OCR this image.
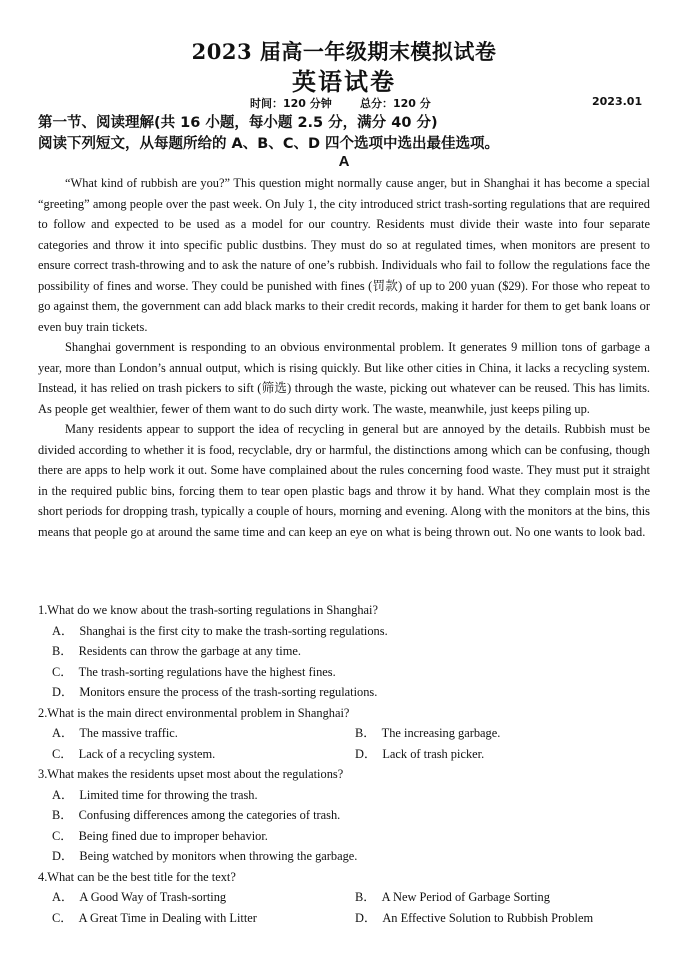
2023 届高一年级期末模拟试卷
英语试卷
时间：120 分钟	总分：120 分	2023.01
第一节、阅读理解(共 16 小题，每小题 2.5 分，满分 40 分)
阅读下列短文，从每题所给的 A、B、C、D 四个选项中选出最佳选项。
A

“What kind of rubbish are you?” This question might normally cause anger, but in Shanghai it has become a special “greeting” among people over the past week. On July 1, the city introduced strict trash-sorting regulations that are required to follow and expected to be used as a model for our country. Residents must divide their waste into four separate categories and throw it into specific public dustbins. They must do so at regulated times, when monitors are present to ensure correct trash-throwing and to ask the nature of one’s rubbish. Individuals who fail to follow the regulations face the possibility of fines and worse. They could be punished with fines (罚款) of up to 200 yuan ($29). For those who repeat to go against them, the government can add black marks to their credit records, making it harder for them to get bank loans or even buy train tickets.

Shanghai government is responding to an obvious environmental problem. It generates 9 million tons of garbage a year, more than London’s annual output, which is rising quickly. But like other cities in China, it lacks a recycling system. Instead, it has relied on trash pickers to sift (筛选) through the waste, picking out whatever can be reused. This has limits. As people get wealthier, fewer of them want to do such dirty work. The waste, meanwhile, just keeps piling up.

Many residents appear to support the idea of recycling in general but are annoyed by the details. Rubbish must be divided according to whether it is food, recyclable, dry or harmful, the distinctions among which can be confusing, though there are apps to help work it out. Some have complained about the rules concerning food waste. They must put it straight in the required public bins, forcing them to tear open plastic bags and throw it by hand. What they complain most is the short periods for dropping trash, typically a couple of hours, morning and evening. Along with the monitors at the bins, this means that people go at around the same time and can keep an eye on what is being thrown out. No one wants to look bad.

1.What do we know about the trash-sorting regulations in Shanghai?

A． Shanghai is the first city to make the trash-sorting regulations.

B． Residents can throw the garbage at any time.

C． The trash-sorting regulations have the highest fines.

D． Monitors ensure the process of the trash-sorting regulations.

2.What is the main direct environmental problem in Shanghai?

A． The massive traffic.	B． The increasing garbage.

C． Lack of a recycling system.	D． Lack of trash picker.

3.What makes the residents upset most about the regulations?

A． Limited time for throwing the trash.

B． Confusing differences among the categories of trash.

C． Being fined due to improper behavior.

D． Being watched by monitors when throwing the garbage.

4.What can be the best title for the text?

A． A Good Way of Trash-sorting	B． A New Period of Garbage Sorting

C． A Great Time in Dealing with Litter	D． An Effective Solution to Rubbish Problem
